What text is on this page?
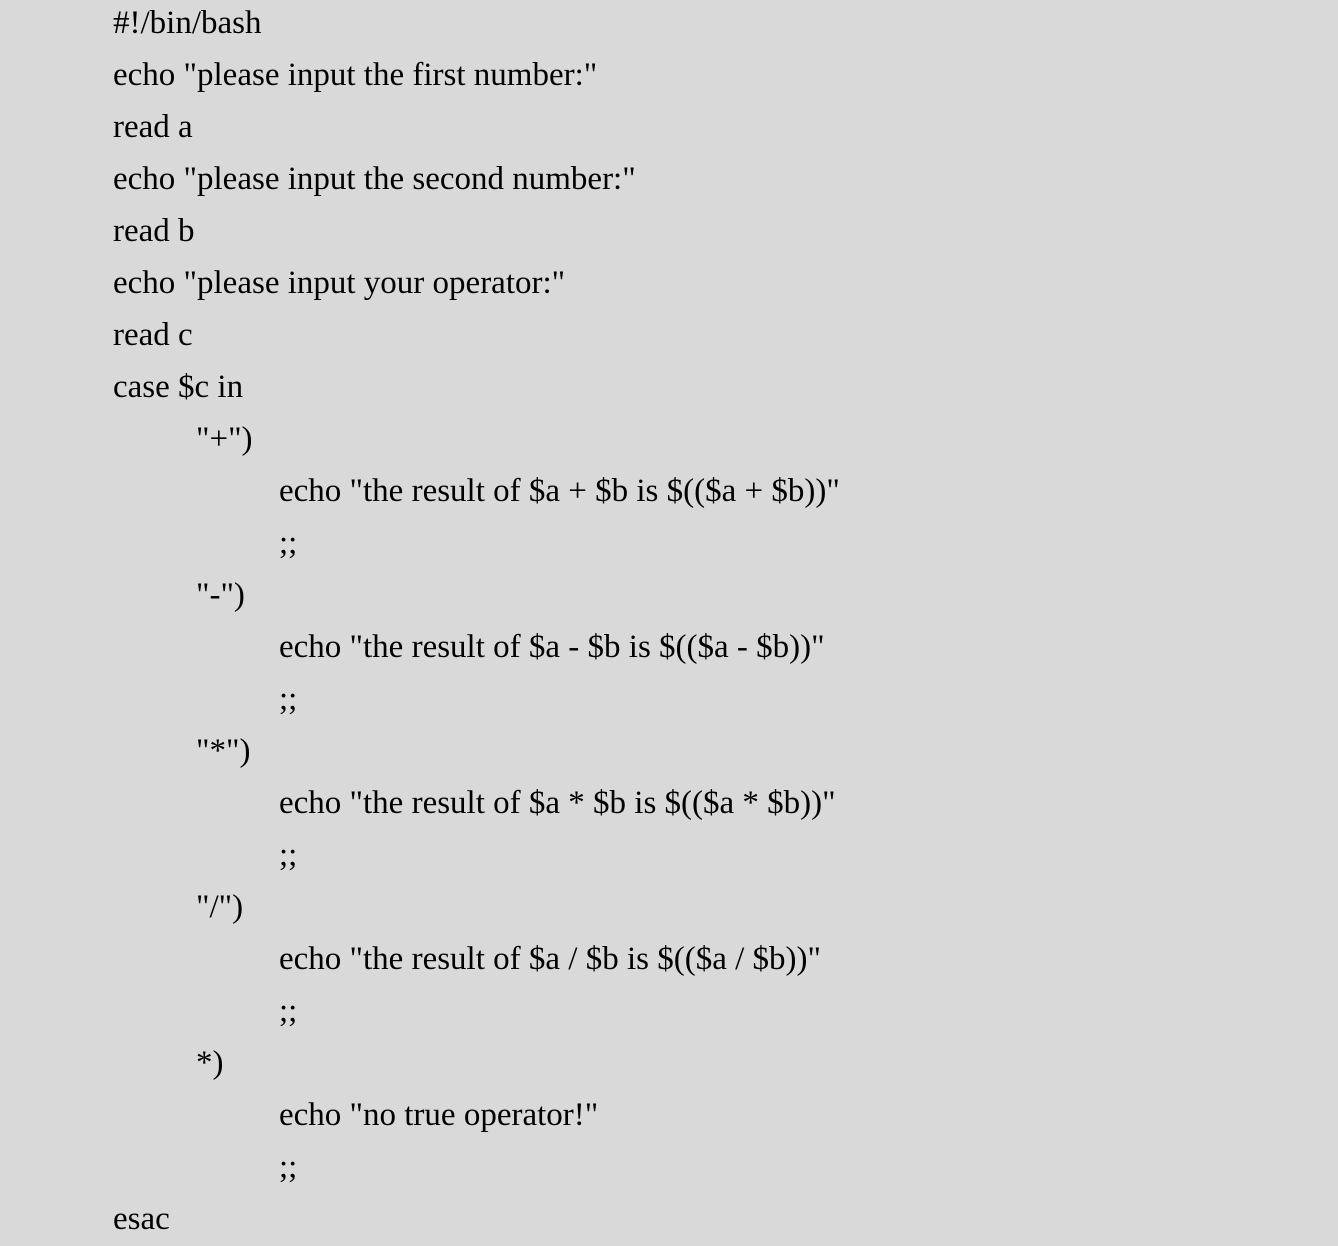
#!/bin/bash
echo "please input the first number:"
read a
echo "please input the second number:"
read b
echo "please input your operator:"
read c
case $c in
"+")
echo "the result of $a + $b is $(($a + $b))"
;;
"-")
echo "the result of $a - $b is $(($a - $b))"
;;
"*")
echo "the result of $a * $b is $(($a * $b))"
;;
"/")
echo "the result of $a / $b is $(($a / $b))"
;;
*)
echo "no true operator!"
;;
esac
